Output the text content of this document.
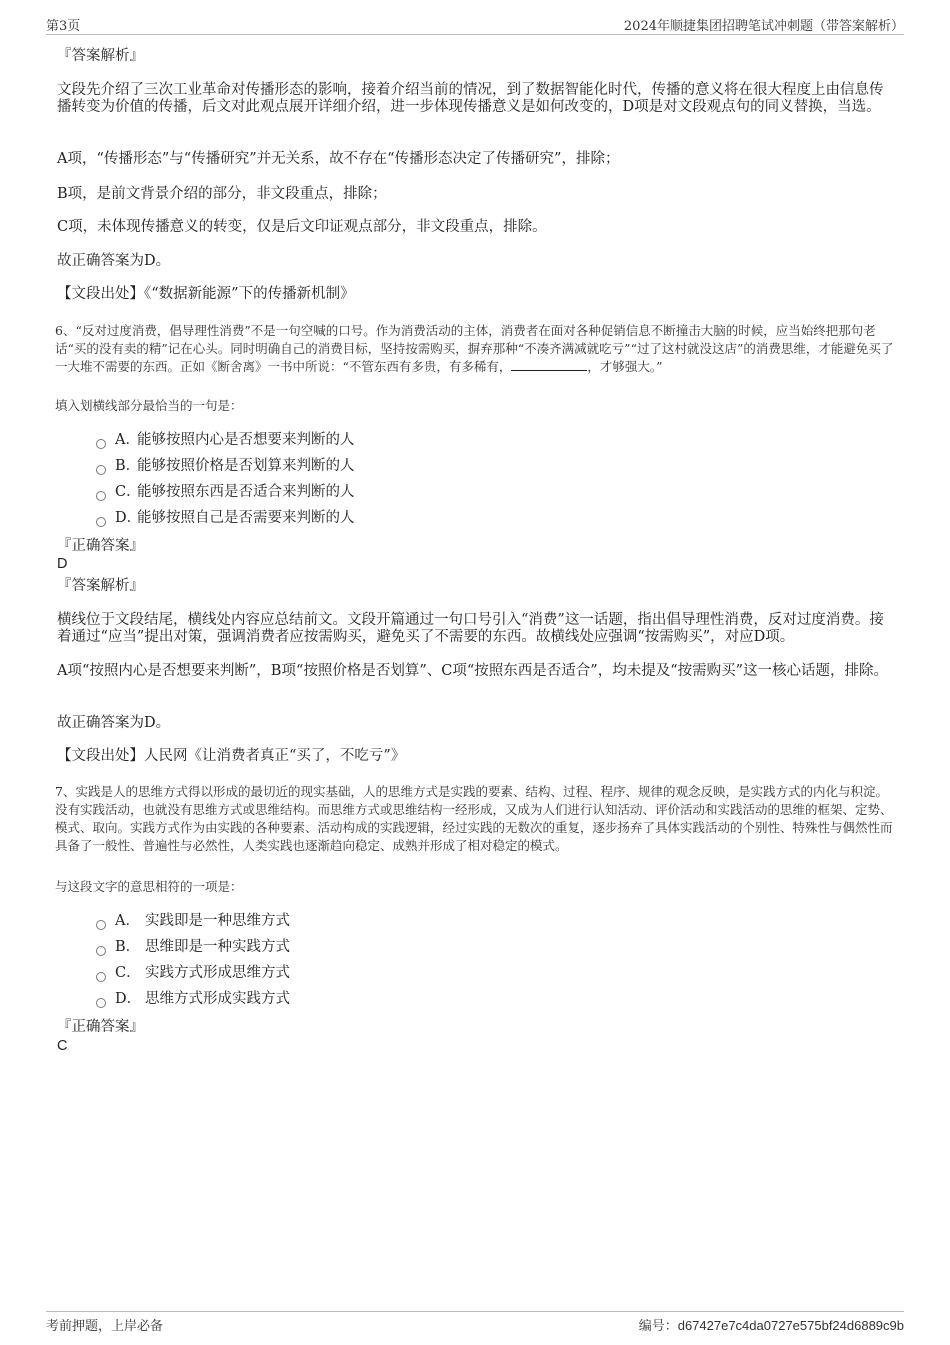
第3页	2024年顺捷集团招聘笔试冲刺题（带答案解析）
『答案解析』
文段先介绍了三次工业革命对传播形态的影响，接着介绍当前的情况，到了数据智能化时代，传播的意义将在很大程度上由信息传播转变为价值的传播，后文对此观点展开详细介绍，进一步体现传播意义是如何改变的，D项是对文段观点句的同义替换，当选。
A项，“传播形态”与“传播研究”并无关系，故不存在“传播形态决定了传播研究”，排除；
B项，是前文背景介绍的部分，非文段重点，排除；
C项，未体现传播意义的转变，仅是后文印证观点部分，非文段重点，排除。
故正确答案为D。
【文段出处】《“数据新能源”下的传播新机制》
6、“反对过度消费，倡导理性消费”不是一句空喊的口号。作为消费活动的主体，消费者在面对各种促销信息不断撞击大脑的时候，应当始终把那句老话“买的没有卖的精”记在心头。同时明确自己的消费目标，坚持按需购买，摒弃那种“不凑齐满减就吃亏”“过了这村就没这店”的消费思维，才能避免买了一大堆不需要的东西。正如《断舍离》一书中所说：“不管东西有多贵，有多稀有，	，才够强大。”
填入划横线部分最恰当的一句是：
A．
能够按照内心是否想要来判断的人
B．
能够按照价格是否划算来判断的人
C．
能够按照东西是否适合来判断的人
D．
能够按照自己是否需要来判断的人
『正确答案』
D
『答案解析』
横线位于文段结尾，横线处内容应总结前文。文段开篇通过一句口号引入“消费”这一话题，指出倡导理性消费，反对过度消费。接着通过“应当”提出对策，强调消费者应按需购买，避免买了不需要的东西。故横线处应强调“按需购买”，对应D项。
A项“按照内心是否想要来判断”，B项“按照价格是否划算”、C项“按照东西是否适合”，均未提及“按需购买”这一核心话题，排除。
故正确答案为D。
【文段出处】人民网《让消费者真正“买了，不吃亏”》
7、实践是人的思维方式得以形成的最切近的现实基础，人的思维方式是实践的要素、结构、过程、程序、规律的观念反映，是实践方式的内化与积淀。没有实践活动，也就没有思维方式或思维结构。而思维方式或思维结构一经形成，又成为人们进行认知活动、评价活动和实践活动的思维的框架、定势、模式、取向。实践方式作为由实践的各种要素、活动构成的实践逻辑，经过实践的无数次的重复，逐步扬弃了具体实践活动的个别性、特殊性与偶然性而具备了一般性、普遍性与必然性，人类实践也逐渐趋向稳定、成熟并形成了相对稳定的模式。
与这段文字的意思相符的一项是：
A． 实践即是一种思维方式
B． 思维即是一种实践方式
C． 实践方式形成思维方式
D． 思维方式形成实践方式
『正确答案』
C
考前押题，上岸必备	编号：d67427e7c4da0727e575bf24d6889c9b
